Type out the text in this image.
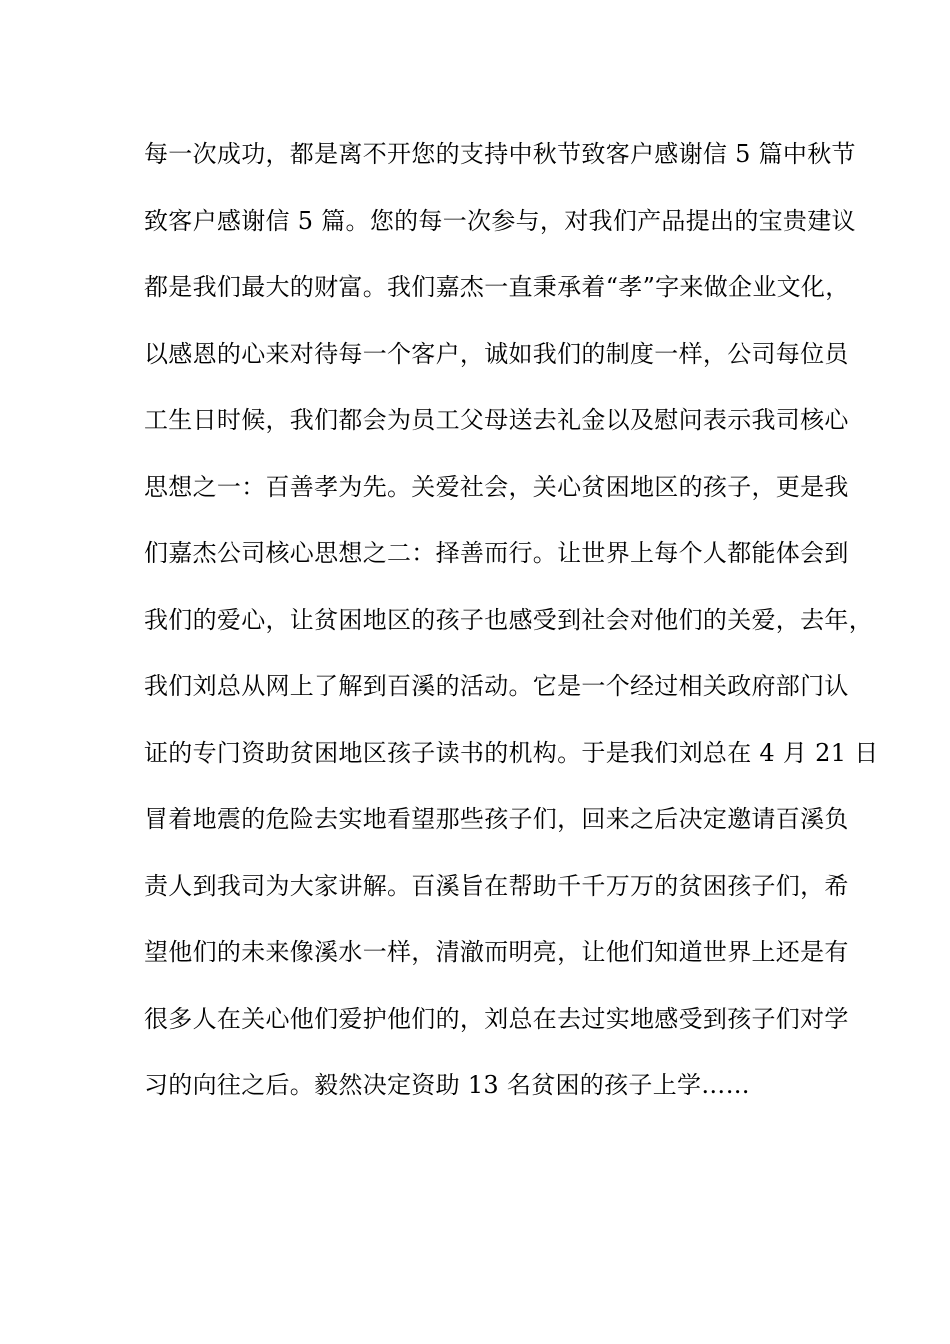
每一次成功，都是离不开您的支持中秋节致客户感谢信 5 篇中秋节
致客户感谢信 5 篇。您的每一次参与，对我们产品提出的宝贵建议
都是我们最大的财富。我们嘉杰一直秉承着“孝”字来做企业文化，
以感恩的心来对待每一个客户，诚如我们的制度一样，公司每位员
工生日时候，我们都会为员工父母送去礼金以及慰问表示我司核心
思想之一：百善孝为先。关爱社会，关心贫困地区的孩子，更是我
们嘉杰公司核心思想之二：择善而行。让世界上每个人都能体会到
我们的爱心，让贫困地区的孩子也感受到社会对他们的关爱，去年，
我们刘总从网上了解到百溪的活动。它是一个经过相关政府部门认
证的专门资助贫困地区孩子读书的机构。于是我们刘总在 4 月 21 日
冒着地震的危险去实地看望那些孩子们，回来之后决定邀请百溪负
责人到我司为大家讲解。百溪旨在帮助千千万万的贫困孩子们，希
望他们的未来像溪水一样，清澈而明亮，让他们知道世界上还是有
很多人在关心他们爱护他们的，刘总在去过实地感受到孩子们对学
习的向往之后。毅然决定资助 13 名贫困的孩子上学……
